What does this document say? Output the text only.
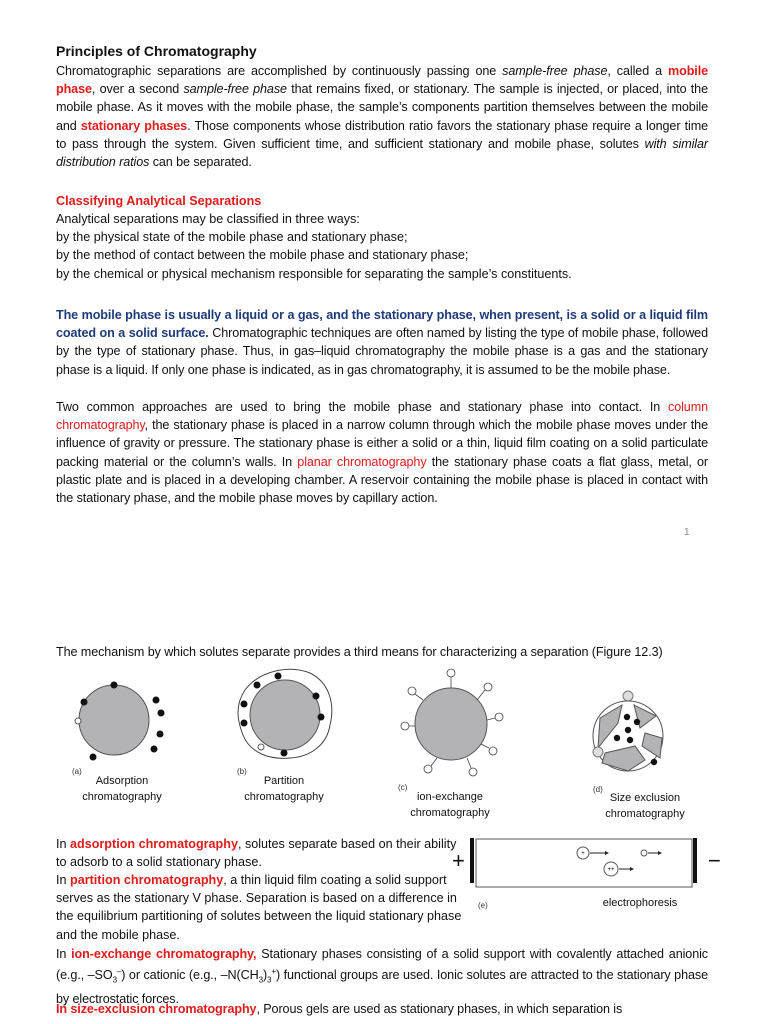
Principles of Chromatography
Chromatographic separations are accomplished by continuously passing one sample-free phase, called a mobile phase, over a second sample-free phase that remains fixed, or stationary. The sample is injected, or placed, into the mobile phase. As it moves with the mobile phase, the sample’s components partition themselves between the mobile and stationary phases. Those components whose distribution ratio favors the stationary phase require a longer time to pass through the system. Given sufficient time, and sufficient stationary and mobile phase, solutes with similar distribution ratios can be separated.
Classifying Analytical Separations
Analytical separations may be classified in three ways:
by the physical state of the mobile phase and stationary phase;
by the method of contact between the mobile phase and stationary phase;
by the chemical or physical mechanism responsible for separating the sample’s constituents.
The mobile phase is usually a liquid or a gas, and the stationary phase, when present, is a solid or a liquid film coated on a solid surface. Chromatographic techniques are often named by listing the type of mobile phase, followed by the type of stationary phase. Thus, in gas–liquid chromatography the mobile phase is a gas and the stationary phase is a liquid. If only one phase is indicated, as in gas chromatography, it is assumed to be the mobile phase.
Two common approaches are used to bring the mobile phase and stationary phase into contact. In column chromatography, the stationary phase is placed in a narrow column through which the mobile phase moves under the influence of gravity or pressure. The stationary phase is either a solid or a thin, liquid film coating on a solid particulate packing material or the column’s walls. In planar chromatography the stationary phase coats a flat glass, metal, or plastic plate and is placed in a developing chamber. A reservoir containing the mobile phase is placed in contact with the stationary phase, and the mobile phase moves by capillary action.
1
The mechanism by which solutes separate provides a third means for characterizing a separation (Figure 12.3)
(a)
Adsorption
chromatography
(b)
Partition
chromatography
(c)
ion-exchange
chromatography
(d)
Size exclusion
chromatography
+	+
++	−
(e)	electrophoresis
In adsorption chromatography, solutes separate based on their ability to adsorb to a solid stationary phase.
In partition chromatography, a thin liquid film coating a solid support serves as the stationary V phase. Separation is based on a difference in the equilibrium partitioning of solutes between the liquid stationary phase and the mobile phase.
In ion-exchange chromatography, Stationary phases consisting of a solid support with covalently attached anionic (e.g., $-SO_3^-$) or cationic (e.g., $-N(CH_3)_3^+$) functional groups are used. Ionic solutes are attracted to the stationary phase by electrostatic forces.
In size-exclusion chromatography, Porous gels are used as stationary phases, in which separation is
